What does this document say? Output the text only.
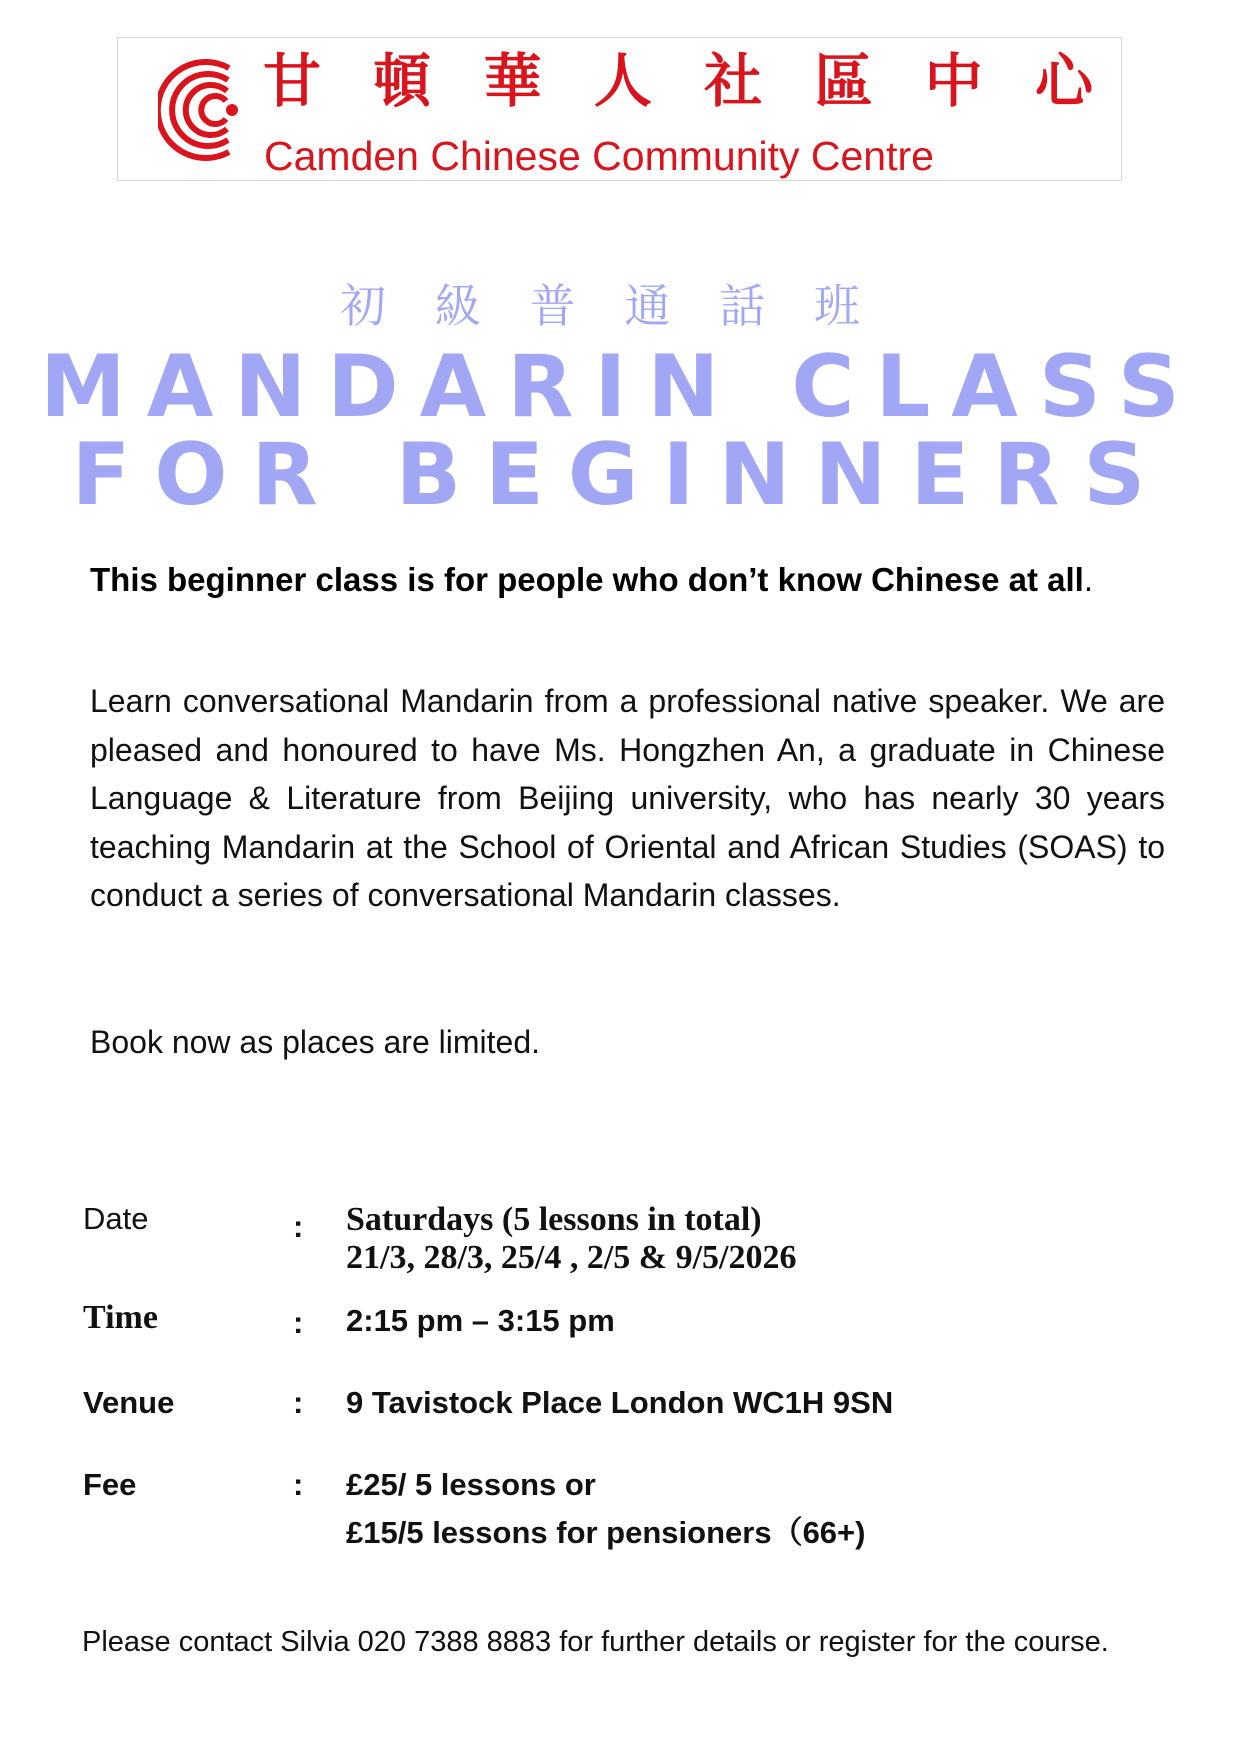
甘 頓 華 人 社 區 中 心
Camden Chinese Community Centre
初 級 普 通 話 班
MANDARIN CLASS
FOR BEGINNERS
This beginner class is for people who don’t know Chinese at all.
Learn conversational Mandarin from a professional native speaker. We are pleased and honoured to have Ms. Hongzhen An, a graduate in Chinese Language & Literature from Beijing university, who has nearly 30 years teaching Mandarin at the School of Oriental and African Studies (SOAS) to conduct a series of conversational Mandarin classes.
Book now as places are limited.
Date	: Saturdays (5 lessons in total)
21/3, 28/3, 25/4 , 2/5 & 9/5/2026
Time	: 2:15 pm – 3:15 pm
Venue	: 9 Tavistock Place London WC1H 9SN
Fee	: £25/ 5 lessons or
£15/5 lessons for pensioners（66+)
Please contact Silvia 020 7388 8883 for further details or register for the course.
